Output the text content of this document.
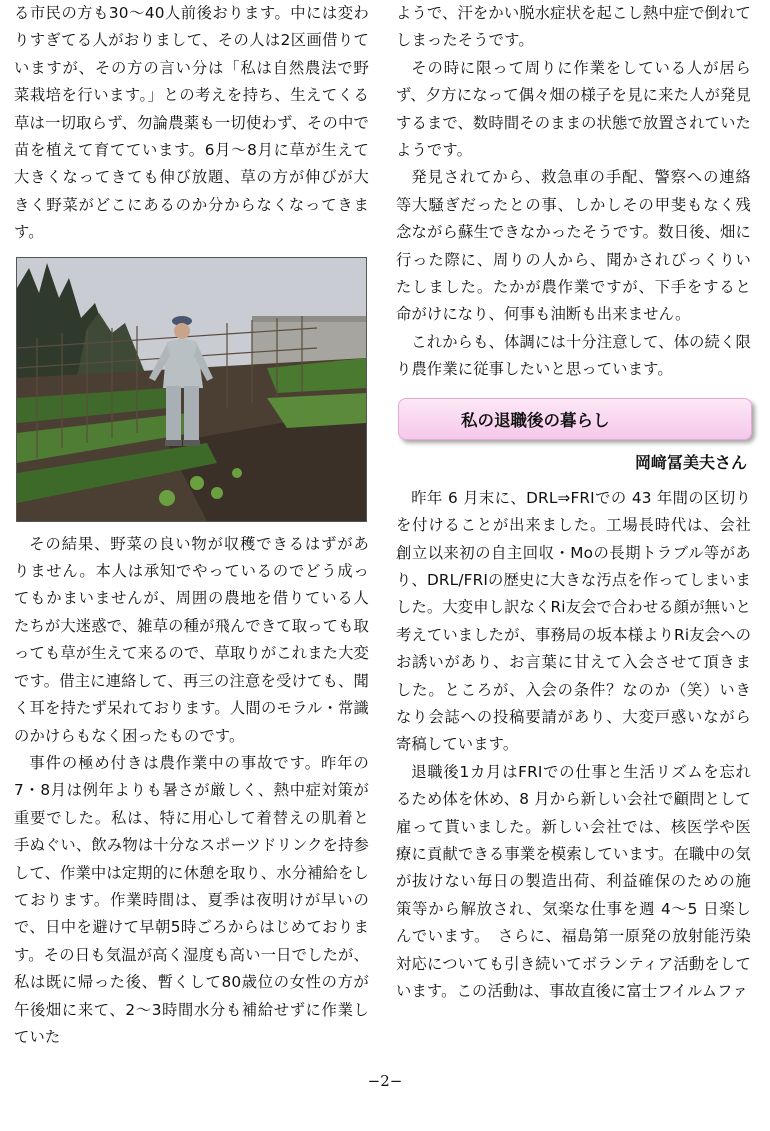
る市民の方も30〜40人前後おります。中には変わりすぎてる人がおりまして、その人は2区画借りていますが、その方の言い分は「私は自然農法で野菜栽培を行います。」との考えを持ち、生えてくる草は一切取らず、勿論農薬も一切使わず、その中で苗を植えて育てています。6月〜8月に草が生えて大きくなってきても伸び放題、草の方が伸びが大きく野菜がどこにあるのか分からなくなってきます。

その結果、野菜の良い物が収穫できるはずがありません。本人は承知でやっているのでどう成ってもかまいませんが、周囲の農地を借りている人たちが大迷惑で、雑草の種が飛んできて取っても取っても草が生えて来るので、草取りがこれまた大変です。借主に連絡して、再三の注意を受けても、聞く耳を持たず呆れております。人間のモラル・常識のかけらもなく困ったものです。

事件の極め付きは農作業中の事故です。昨年の7・8月は例年よりも暑さが厳しく、熱中症対策が重要でした。私は、特に用心して着替えの肌着と手ぬぐい、飲み物は十分なスポーツドリンクを持参して、作業中は定期的に休憩を取り、水分補給をしております。作業時間は、夏季は夜明けが早いので、日中を避けて早朝5時ごろからはじめております。その日も気温が高く湿度も高い一日でしたが、私は既に帰った後、暫くして80歳位の女性の方が午後畑に来て、2〜3時間水分も補給せずに作業していた

ようで、汗をかい脱水症状を起こし熱中症で倒れてしまったそうです。

その時に限って周りに作業をしている人が居らず、夕方になって偶々畑の様子を見に来た人が発見するまで、数時間そのままの状態で放置されていたようです。

発見されてから、救急車の手配、警察への連絡等大騒ぎだったとの事、しかしその甲斐もなく残念ながら蘇生できなかったそうです。数日後、畑に行った際に、周りの人から、聞かされびっくりいたしました。たかが農作業ですが、下手をすると命がけになり、何事も油断も出来ません。

これからも、体調には十分注意して、体の続く限り農作業に従事したいと思っています。

私の退職後の暮らし
岡﨑冨美夫さん

昨年 6 月末に、DRL⇒FRIでの 43 年間の区切りを付けることが出来ました。工場長時代は、会社創立以来初の自主回収・Moの長期トラブル等があり、DRL/FRIの歴史に大きな汚点を作ってしまいました。大変申し訳なくRi友会で合わせる顔が無いと考えていましたが、事務局の坂本様よりRi友会へのお誘いがあり、お言葉に甘えて入会させて頂きました。ところが、入会の条件？なのか（笑）いきなり会誌への投稿要請があり、大変戸惑いながら寄稿しています。

退職後1カ月はFRIでの仕事と生活リズムを忘れるため体を休め、8 月から新しい会社で顧問として雇って貰いました。新しい会社では、核医学や医療に貢献できる事業を模索しています。在職中の気が抜けない毎日の製造出荷、利益確保のための施策等から解放され、気楽な仕事を週 4〜5 日楽しんでいます。　さらに、福島第一原発の放射能汚染対応についても引き続いてボランティア活動をしています。この活動は、事故直後に富士フイルムファ

−2−
